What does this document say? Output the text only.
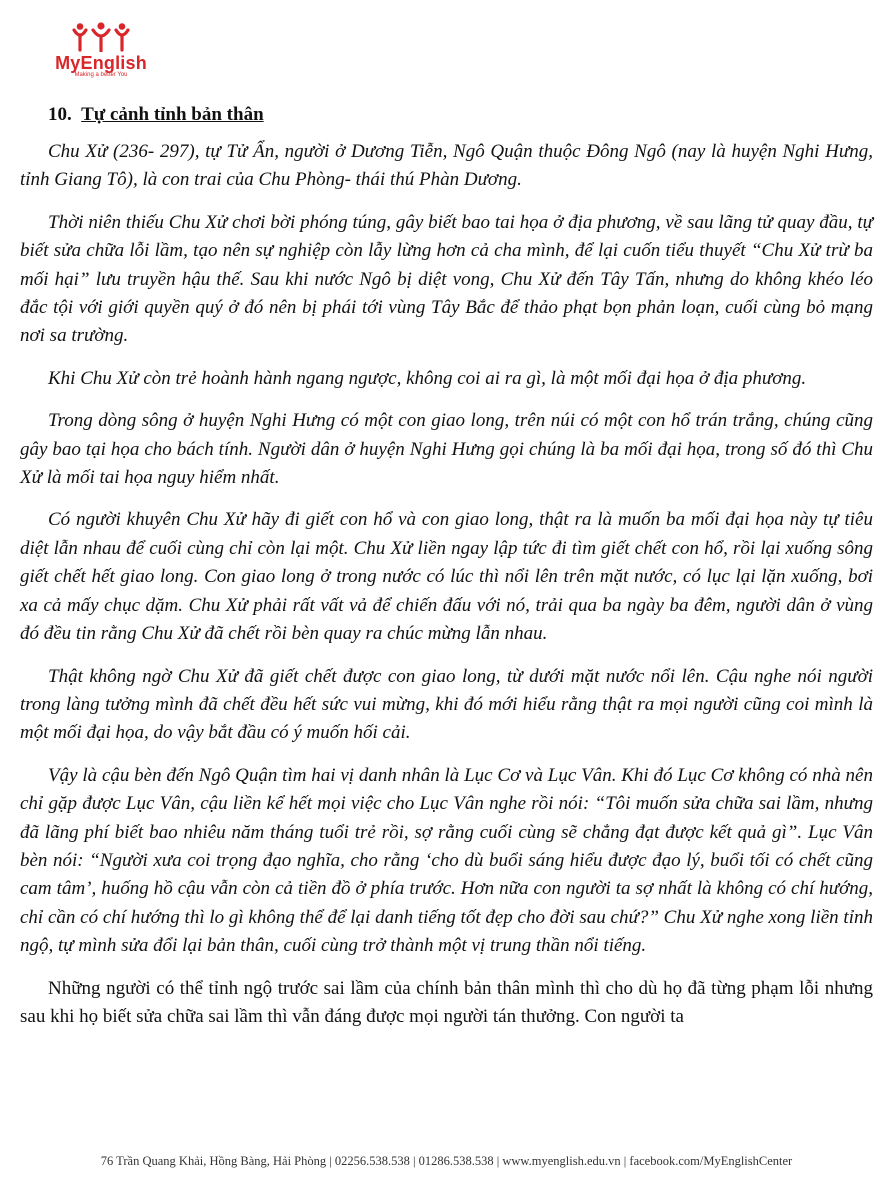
MyEnglish
Making a better You
10. Tự cảnh tỉnh bản thân

Chu Xử (236- 297), tự Tử Ẩn, người ở Dương Tiễn, Ngô Quận thuộc Đông Ngô (nay là huyện Nghi Hưng, tỉnh Giang Tô), là con trai của Chu Phòng- thái thú Phàn Dương.

Thời niên thiếu Chu Xử chơi bời phóng túng, gây biết bao tai họa ở địa phương, về sau lãng tử quay đầu, tự biết sửa chữa lỗi lầm, tạo nên sự nghiệp còn lẫy lừng hơn cả cha mình, để lại cuốn tiểu thuyết “Chu Xử trừ ba mối hại” lưu truyền hậu thế. Sau khi nước Ngô bị diệt vong, Chu Xử đến Tây Tấn, nhưng do không khéo léo đắc tội với giới quyền quý ở đó nên bị phái tới vùng Tây Bắc để thảo phạt bọn phản loạn, cuối cùng bỏ mạng nơi sa trường.

Khi Chu Xử còn trẻ hoành hành ngang ngược, không coi ai ra gì, là một mối đại họa ở địa phương.

Trong dòng sông ở huyện Nghi Hưng có một con giao long, trên núi có một con hổ trán trắng, chúng cũng gây bao tại họa cho bách tính. Người dân ở huyện Nghi Hưng gọi chúng là ba mối đại họa, trong số đó thì Chu Xử là mối tai họa nguy hiểm nhất.

Có người khuyên Chu Xử hãy đi giết con hổ và con giao long, thật ra là muốn ba mối đại họa này tự tiêu diệt lẫn nhau để cuối cùng chỉ còn lại một. Chu Xử liền ngay lập tức đi tìm giết chết con hổ, rồi lại xuống sông giết chết hết giao long. Con giao long ở trong nước có lúc thì nổi lên trên mặt nước, có lục lại lặn xuống, bơi xa cả mấy chục dặm. Chu Xử phải rất vất vả để chiến đấu với nó, trải qua ba ngày ba đêm, người dân ở vùng đó đều tin rằng Chu Xử đã chết rồi bèn quay ra chúc mừng lẫn nhau.

Thật không ngờ Chu Xử đã giết chết được con giao long, từ dưới mặt nước nổi lên. Cậu nghe nói người trong làng tưởng mình đã chết đều hết sức vui mừng, khi đó mới hiểu rằng thật ra mọi người cũng coi mình là một mối đại họa, do vậy bắt đầu có ý muốn hối cải.

Vậy là cậu bèn đến Ngô Quận tìm hai vị danh nhân là Lục Cơ và Lục Vân. Khi đó Lục Cơ không có nhà nên chỉ gặp được Lục Vân, cậu liền kể hết mọi việc cho Lục Vân nghe rồi nói: “Tôi muốn sửa chữa sai lầm, nhưng đã lãng phí biết bao nhiêu năm tháng tuổi trẻ rồi, sợ rằng cuối cùng sẽ chẳng đạt được kết quả gì”. Lục Vân bèn nói: “Người xưa coi trọng đạo nghĩa, cho rằng ‘cho dù buổi sáng hiểu được đạo lý, buổi tối có chết cũng cam tâm’, huống hồ cậu vẫn còn cả tiền đồ ở phía trước. Hơn nữa con người ta sợ nhất là không có chí hướng, chỉ cần có chí hướng thì lo gì không thể để lại danh tiếng tốt đẹp cho đời sau chứ?” Chu Xử nghe xong liền tỉnh ngộ, tự mình sửa đổi lại bản thân, cuối cùng trở thành một vị trung thần nổi tiếng.

Những người có thể tỉnh ngộ trước sai lầm của chính bản thân mình thì cho dù họ đã từng phạm lỗi nhưng sau khi họ biết sửa chữa sai lầm thì vẫn đáng được mọi người tán thưởng. Con người ta

76 Trần Quang Khải, Hồng Bàng, Hải Phòng | 02256.538.538 | 01286.538.538 | www.myenglish.edu.vn | facebook.com/MyEnglishCenter
